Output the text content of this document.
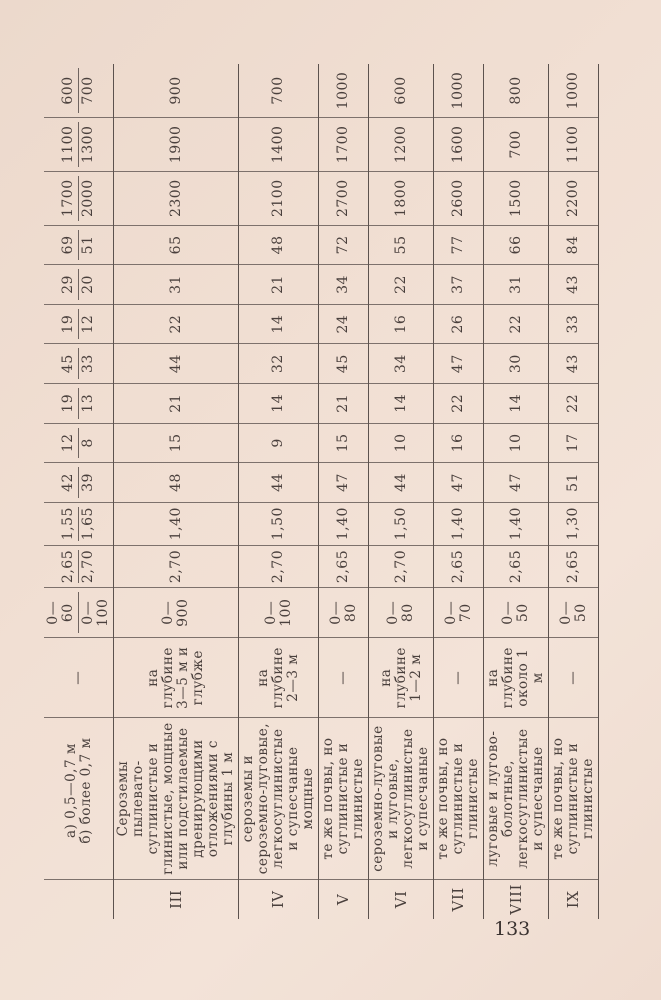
	а) 0,5—0,7 м б) более 0,7 м	—	0—60 0—100	2,65 2,70	1,55 1,65	42 39	12 8	19 13	45 33	19 12	29 20	69 51	1700 2000	1100 1300	600 700

III	Сероземы пылевато-суглинистые и глинистые, мощные или подстилаемые дренирующими отложениями с глубины 1 м	на глубине 3—5 м и глубже	0—900	2,70	1,40	48	15	21	44	22	31	65	2300	1900	900
IV	сероземы и сероземно-луговые, легкосуглинистые и супесчаные мощные	на глубине 2—3 м	0—100	2,70	1,50	44	9	14	32	14	21	48	2100	1400	700
V	те же почвы, но суглинистые и глинистые	—	0—80	2,65	1,40	47	15	21	45	24	34	72	2700	1700	1000
VI	сероземно-луговые и луговые, легкосуглинистые и супесчаные	на глубине 1—2 м	0—80	2,70	1,50	44	10	14	34	16	22	55	1800	1200	600
VII	те же почвы, но суглинистые и глинистые	—	0—70	2,65	1,40	47	16	22	47	26	37	77	2600	1600	1000
VIII	луговые и лугово-болотные, легкосуглинистые и супесчаные	на глубине около 1 м	0—50	2,65	1,40	47	10	14	30	22	31	66	1500	700	800
IX	те же почвы, но суглинистые и глинистые	—	0—50	2,65	1,30	51	17	22	43	33	43	84	2200	1100	1000
133
